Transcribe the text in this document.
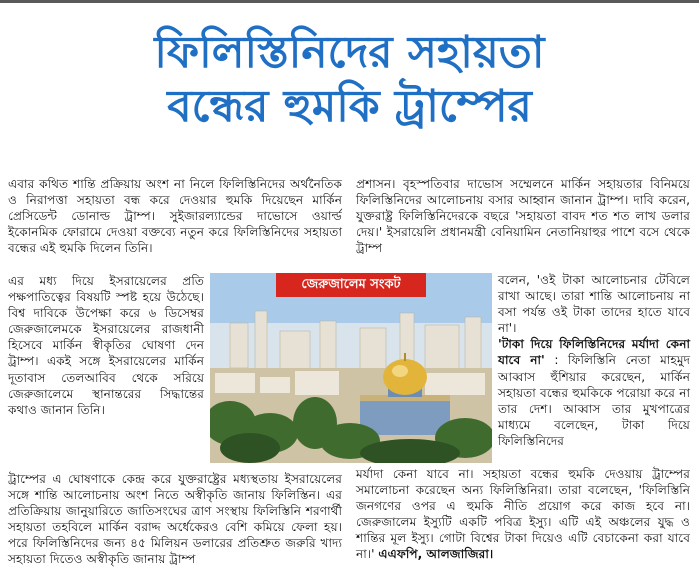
ফিলিস্তিনিদের সহায়তা
বন্ধের হুমকি ট্রাম্পের

এবার কথিত শান্তি প্রক্রিয়ায় অংশ না নিলে ফিলিস্তিনিদের অর্থনৈতিক ও নিরাপত্তা সহায়তা বন্ধ করে দেওয়ার হুমকি দিয়েছেন মার্কিন প্রেসিডেন্ট ডোনাল্ড ট্রাম্প। সুইজারল্যান্ডের দাভোসে ওয়ার্ল্ড ইকোনমিক ফোরামে দেওয়া বক্তব্যে নতুন করে ফিলিস্তিনিদের সহায়তা বন্ধের এই হুমকি দিলেন তিনি।

এর মধ্য দিয়ে ইসরায়েলের প্রতি পক্ষপাতিত্বের বিষয়টি স্পষ্ট হয়ে উঠেছে। বিশ্ব দাবিকে উপেক্ষা করে ৬ ডিসেম্বর জেরুজালেমকে ইসরায়েলের রাজধানী হিসেবে মার্কিন স্বীকৃতির ঘোষণা দেন ট্রাম্প। একই সঙ্গে ইসরায়েলের মার্কিন দূতাবাস তেলআবিব থেকে সরিয়ে জেরুজালেমে স্থানান্তরের সিদ্ধান্তের কথাও জানান তিনি।

ট্রাম্পের এ ঘোষণাকে কেন্দ্র করে যুক্তরাষ্ট্রের মধ্যস্থতায় ইসরায়েলের সঙ্গে শান্তি আলোচনায় অংশ নিতে অস্বীকৃতি জানায় ফিলিস্তিন। এর প্রতিক্রিয়ায় জানুয়ারিতে জাতিসংঘের ত্রাণ সংস্থায় ফিলিস্তিনি শরণার্থী সহায়তা তহবিলে মার্কিন বরাদ্দ অর্ধেকেরও বেশি কমিয়ে ফেলা হয়। পরে ফিলিস্তিনিদের জন্য ৪৫ মিলিয়ন ডলারের প্রতিশ্রুত জরুরি খাদ্য সহায়তা দিতেও অস্বীকৃতি জানায় ট্রাম্প

প্রশাসন। বৃহস্পতিবার দাভোস সম্মেলনে মার্কিন সহায়তার বিনিময়ে ফিলিস্তিনিদের আলোচনায় বসার আহ্বান জানান ট্রাম্প। দাবি করেন, যুক্তরাষ্ট্র ফিলিস্তিনিদেরকে বছরে 'সহায়তা বাবদ শত শত লাখ ডলার দেয়।' ইসরায়েলি প্রধানমন্ত্রী বেনিয়ামিন নেতানিয়াহুর পাশে বসে থেকে ট্রাম্প

বলেন, 'ওই টাকা আলোচনার টেবিলে রাখা আছে। তারা শান্তি আলোচনায় না বসা পর্যন্ত ওই টাকা তাদের হাতে যাবে না'।
'টাকা দিয়ে ফিলিস্তিনিদের মর্যাদা কেনা যাবে না' : ফিলিস্তিনি নেতা মাহমুদ আব্বাস হুঁশিয়ার করেছেন, মার্কিন সহায়তা বন্ধের হুমকিকে পরোয়া করে না তার দেশ। আব্বাস তার মুখপাত্রের মাধ্যমে বলেছেন, টাকা দিয়ে ফিলিস্তিনিদের

মর্যাদা কেনা যাবে না। সহায়তা বন্ধের হুমকি দেওয়ায় ট্রাম্পের সমালোচনা করেছেন অন্য ফিলিস্তিনিরা। তারা বলেছেন, 'ফিলিস্তিনি জনগণের ওপর এ হুমকি নীতি প্রয়োগ করে কাজ হবে না। জেরুজালেম ইস্যুটি একটি পবিত্র ইস্যু। এটি এই অঞ্চলের যুদ্ধ ও শান্তির মূল ইস্যু। গোটা বিশ্বের টাকা দিয়েও এটি বেচাকেনা করা যাবে না।' এএফপি, আলজাজিরা।

জেরুজালেম সংকট
